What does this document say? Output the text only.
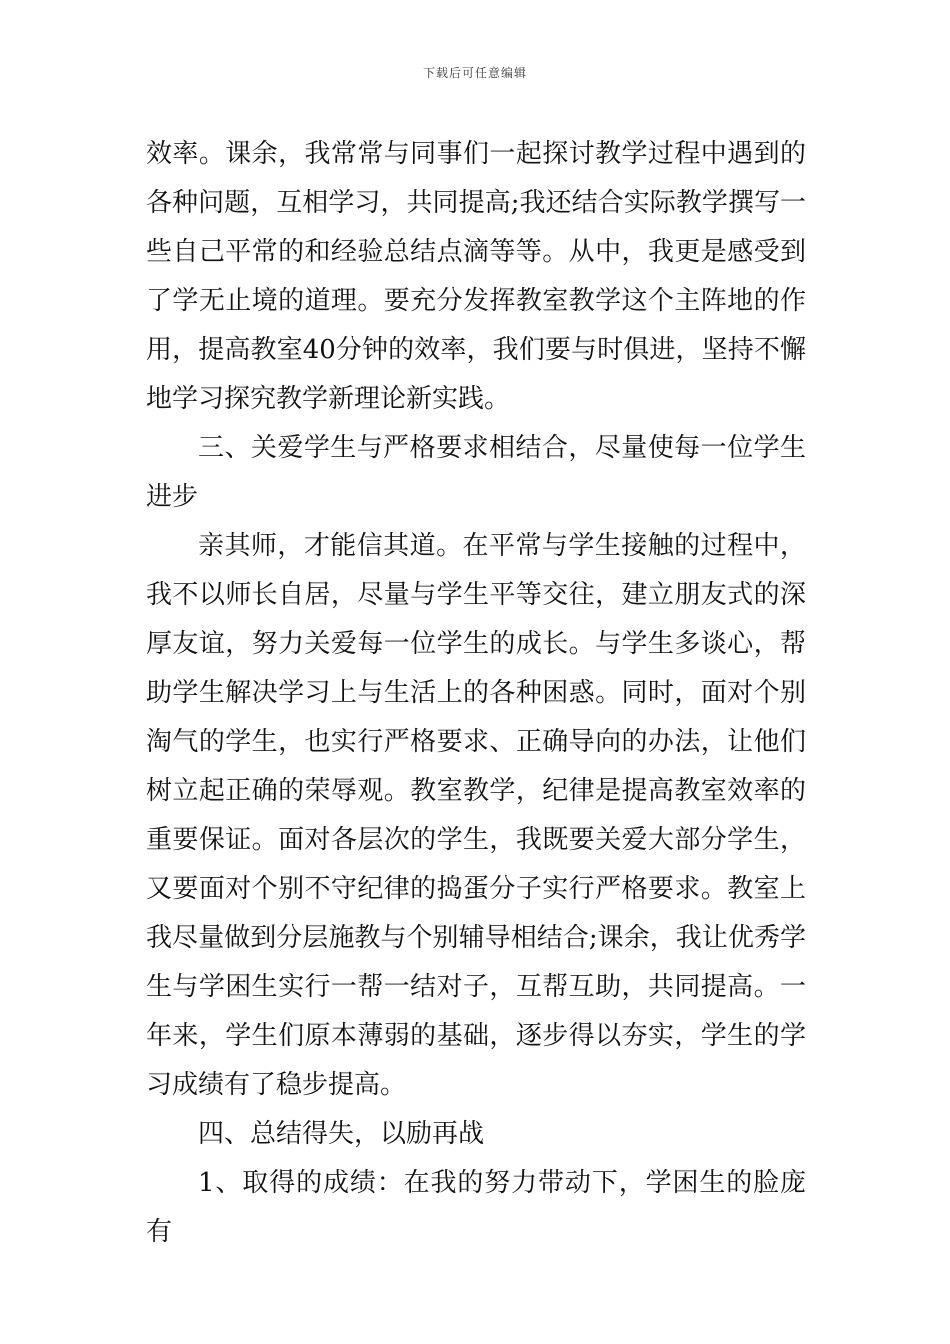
下载后可任意编辑

效率。课余，我常常与同事们一起探讨教学过程中遇到的各种问题，互相学习，共同提高;我还结合实际教学撰写一些自己平常的和经验总结点滴等等。从中，我更是感受到了学无止境的道理。要充分发挥教室教学这个主阵地的作用，提高教室40分钟的效率，我们要与时俱进，坚持不懈地学习探究教学新理论新实践。

三、关爱学生与严格要求相结合，尽量使每一位学生进步

亲其师，才能信其道。在平常与学生接触的过程中，我不以师长自居，尽量与学生平等交往，建立朋友式的深厚友谊，努力关爱每一位学生的成长。与学生多谈心，帮助学生解决学习上与生活上的各种困惑。同时，面对个别淘气的学生，也实行严格要求、正确导向的办法，让他们树立起正确的荣辱观。教室教学，纪律是提高教室效率的重要保证。面对各层次的学生，我既要关爱大部分学生，又要面对个别不守纪律的捣蛋分子实行严格要求。教室上我尽量做到分层施教与个别辅导相结合;课余，我让优秀学生与学困生实行一帮一结对子，互帮互助，共同提高。一年来，学生们原本薄弱的基础，逐步得以夯实，学生的学习成绩有了稳步提高。

四、总结得失，以励再战

1、取得的成绩：在我的努力带动下，学困生的脸庞有
